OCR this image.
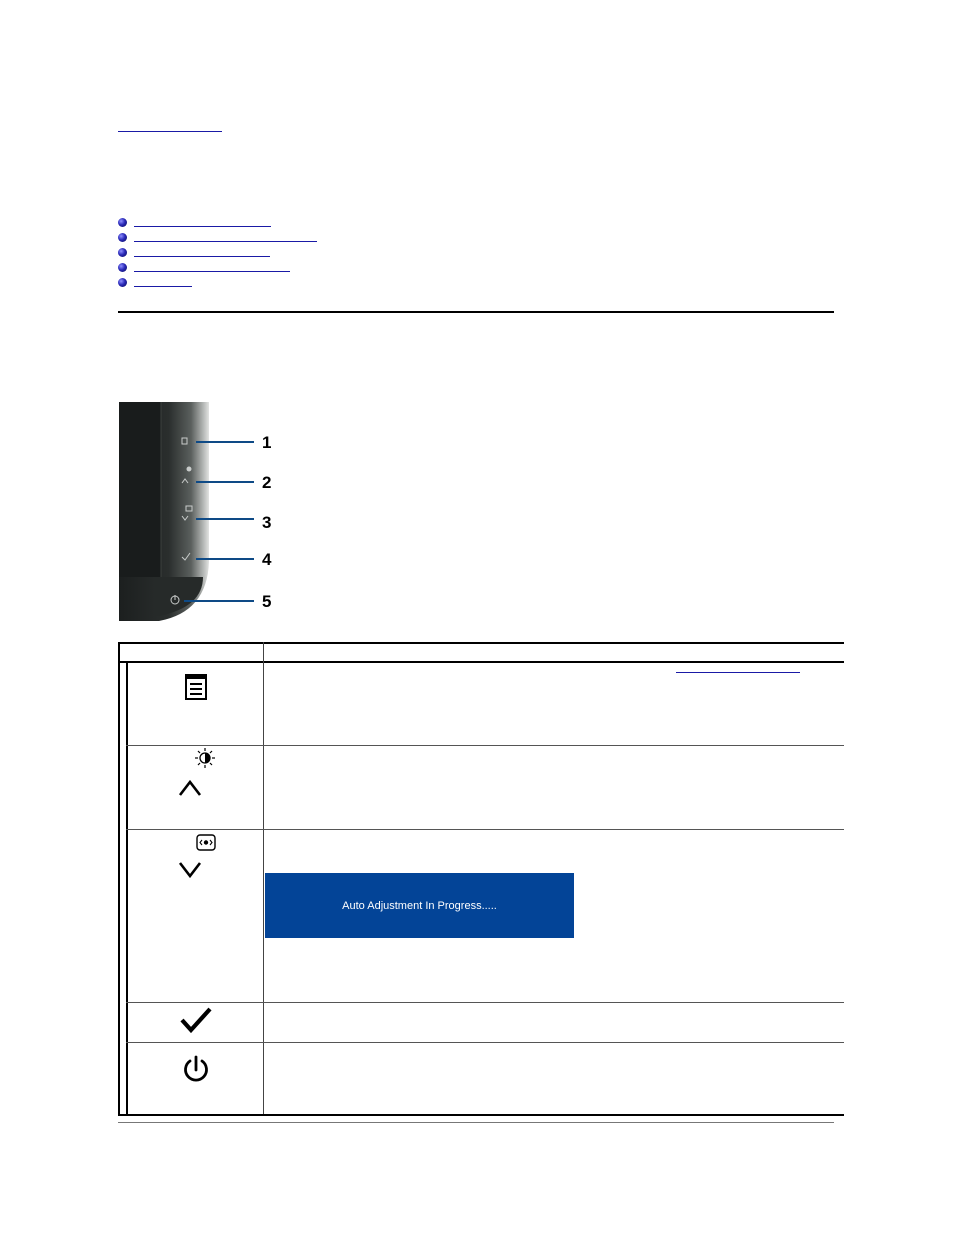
1
2
3
4
5
Auto Adjustment In Progress.....
